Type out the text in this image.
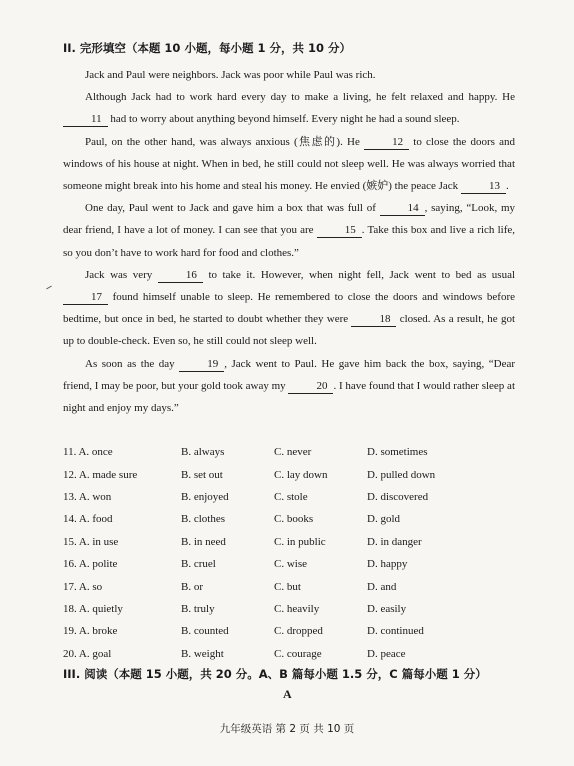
II. 完形填空（本题 10 小题，每小题 1 分，共 10 分）

Jack and Paul were neighbors. Jack was poor while Paul was rich.

Although Jack had to work hard every day to make a living, he felt relaxed and happy. He 11 had to worry about anything beyond himself. Every night he had a sound sleep.

Paul, on the other hand, was always anxious (焦虑的). He	12 to close the doors and windows of his house at night. When in bed, he still could not sleep well. He was always worried that someone might break into his home and steal his money. He envied (嫉妒) the peace Jack	13 .

One day, Paul went to Jack and gave him a box that was full of	14 , saying, “Look, my dear friend, I have a lot of money. I can see that you are	15 . Take this box and live a rich life, so you don’t have to work hard for food and clothes.”

Jack was very	16 to take it. However, when night fell, Jack went to bed as usual 17 found himself unable to sleep. He remembered to close the doors and windows before bedtime, but once in bed, he started to doubt whether they were	18 closed. As a result, he got up to double-check. Even so, he still could not sleep well.

As soon as the day	19 , Jack went to Paul. He gave him back the box, saying, “Dear friend, I may be poor, but your gold took away my	20 . I have found that I would rather sleep at night and enjoy my days.”

11. A. once	B. always	C. never	D. sometimes
12. A. made sure	B. set out	C. lay down	D. pulled down
13. A. won	B. enjoyed	C. stole	D. discovered
14. A. food	B. clothes	C. books	D. gold
15. A. in use	B. in need	C. in public	D. in danger
16. A. polite	B. cruel	C. wise	D. happy
17. A. so	B. or	C. but	D. and
18. A. quietly	B. truly	C. heavily	D. easily
19. A. broke	B. counted	C. dropped	D. continued
20. A. goal	B. weight	C. courage	D. peace
III. 阅读（本题 15 小题，共 20 分。A、B 篇每小题 1.5 分，C 篇每小题 1 分）
A
九年级英语 第 2 页 共 10 页
